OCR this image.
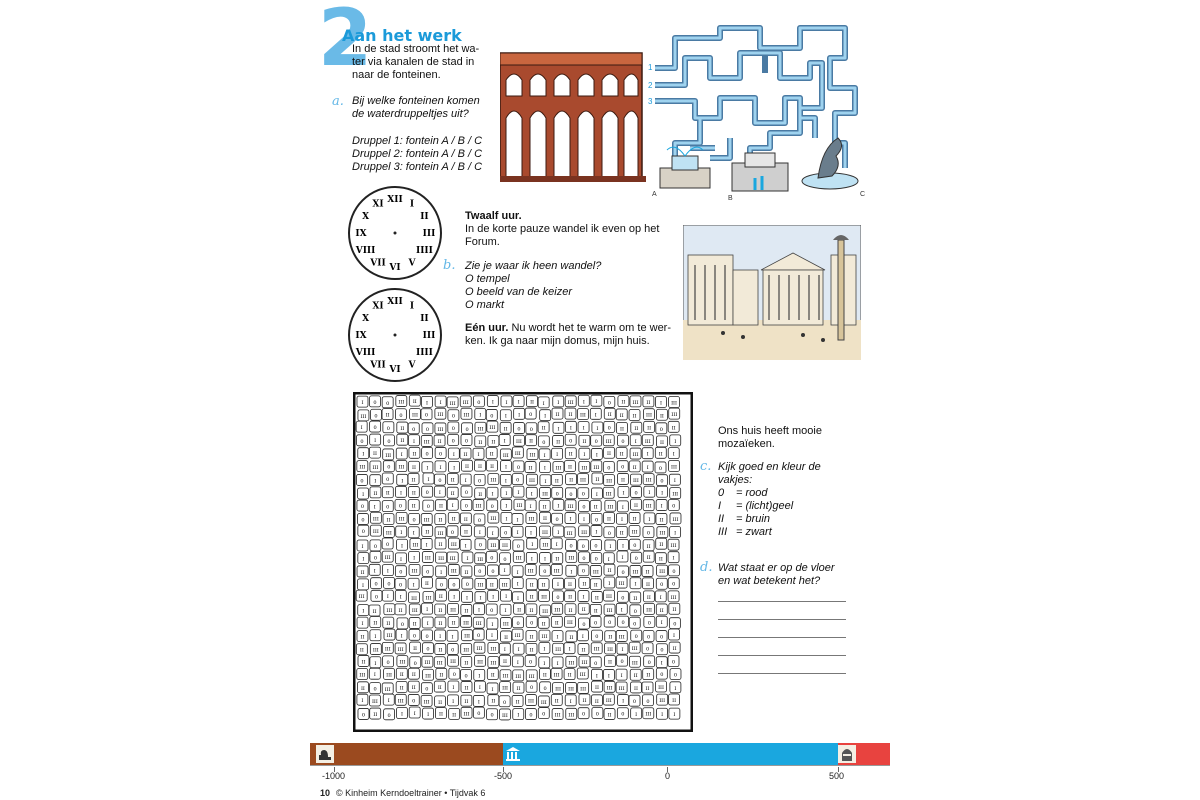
2
Aan het werk
In de stad stroomt het wa-
ter via kanalen de stad in
naar de fonteinen.
a. Bij welke fonteinen komen
de waterdruppeltjes uit?
Druppel 1: fontein A / B / C
Druppel 2: fontein A / B / C
Druppel 3: fontein A / B / C
1
2
3
A
B
C
XII I
II
III
IIII
V
VI
VII
VIII
IX
X
XI
XII I
II
III
IIII
V
VI
VII
VIII
IX
X
XI
Twaalf uur.
In de korte pauze wandel ik even op het
Forum.
b. Zie je waar ik heen wandel?
O tempel
O beeld van de keizer
O markt
Eén uur. Nu wordt het te warm om te wer-
ken. Ik ga naar mijn domus, mijn huis.
I 0 0 III II I I III III 0 I I I II I	I III I I 0 II III II I III
III 0 II 0 III 0 III 0 III I 0 I I 0 I II II III I II II II III II III
I 0 0 II 0 0 III 0 0 III III II 0 0 II I I I I 0 II II II 0 II
0 I 0 II I III II 0 0 II II I III II 0 II 0 II 0 III 0 I III II I
I II III I II 0 0 I II I II III III III I I II I I II II III I II I
III III 0 III II I I I II II II I 0 II I III II III III 0 0 II I 0 III
0 I 0 I II I 0 II I 0 III I 0 III I II II III II III II III III 0 I
I II II I II 0 I II 0 II I I I I III 0 0 0 I III I 0 I I III
0 I 0 0 II 0 II I 0 III 0 I III I II I III 0 II III I II III I 0
0 III II III 0 III II II II 0 III I I III II 0 I I 0 II I II I II III
0 III III I I II III 0 II I I 0 I I III I III III I 0 II III 0 III I
I 0 0 I III I II III I 0 III III 0 I III I 0 0 0 I I 0 II II III
I 0 III I I III III III I III 0 0 III I I II III 0 0 I I 0 II II I
II I I 0 III 0 I III II 0 0 I I III 0 III I 0 III II 0 III II III 0
I 0 0 0 I II 0 0 0 III II III I II II I II II II I III I II 0 0
III 0 I I III III II I I I I I I II III 0 II I II III 0 II II I III
I II III II III I II III II I 0 I II II III III II II II III I 0 III II II
I II II 0 II I II II III III I III 0 0 II II III 0 0 0 0 0 0 I 0
II I III I 0 0 I I III 0 I II III II III I II I 0 II III 0 0 0 I
II III III III II 0 II 0 III III III I I II I III I II III III I III 0 0 II
II I 0 III 0 III III III II III III II I 0 I I III III 0 II 0 III 0 I 0
III I III II II III II 0 0 I II III III III II III II III I I I II II 0 0
II 0 III II II 0 II I II I I III II 0 0 III III III II III III II II III I
I III I III 0 III II I II I II 0 II III III II I II II III I 0 0 III II
0 II 0 I I I II II III 0 0 III I 0 0 III III 0 0 II 0 I III I I
Ons huis heeft mooie
mozaïeken.
c. Kijk goed en kleur de
vakjes:
0 = rood
I = (licht)geel
II = bruin
III = zwart
d. Wat staat er op de vloer
en wat betekent het?
-1000	-500	0	500
10 © Kinheim Kerndoeltrainer • Tijdvak 6
